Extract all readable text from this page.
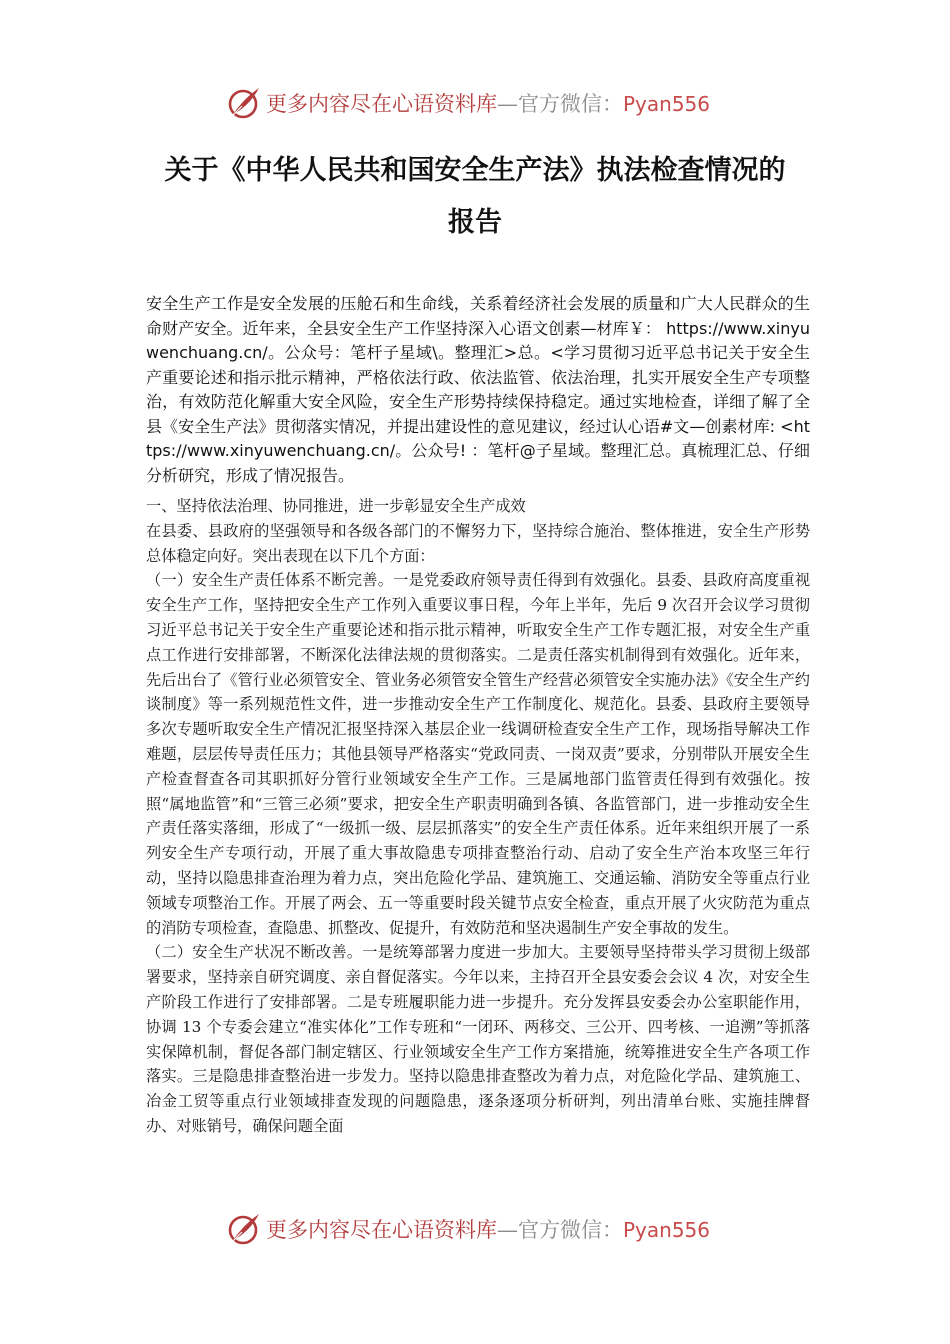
更多内容尽在心语资料库—官方微信：Pyan556
关于《中华人民共和国安全生产法》执法检查情况的
报告

安全生产工作是安全发展的压舱石和生命线，关系着经济社会发展的质量和广大人民群众的生命财产安全。近年来，全县安全生产工作坚持深入心语文创素—材库￥： https://www.xinyuwenchuang.cn/。公众号：笔杆子星域\。整理汇>总。<学习贯彻习近平总书记关于安全生产重要论述和指示批示精神，严格依法行政、依法监管、依法治理，扎实开展安全生产专项整治，有效防范化解重大安全风险，安全生产形势持续保持稳定。通过实地检查，详细了解了全县《安全生产法》贯彻落实情况，并提出建设性的意见建议，经过认心语#文—创素材库: <https://www.xinyuwenchuang.cn/。公众号! ：笔杆@子星域。整理汇总。真梳理汇总、仔细分析研究，形成了情况报告。

一、坚持依法治理、协同推进，进一步彰显安全生产成效

在县委、县政府的坚强领导和各级各部门的不懈努力下，坚持综合施治、整体推进，安全生产形势总体稳定向好。突出表现在以下几个方面：

（一）安全生产责任体系不断完善。一是党委政府领导责任得到有效强化。县委、县政府高度重视安全生产工作，坚持把安全生产工作列入重要议事日程，今年上半年，先后 9 次召开会议学习贯彻习近平总书记关于安全生产重要论述和指示批示精神，听取安全生产工作专题汇报，对安全生产重点工作进行安排部署，不断深化法律法规的贯彻落实。二是责任落实机制得到有效强化。近年来，先后出台了《管行业必须管安全、管业务必须管安全管生产经营必须管安全实施办法》《安全生产约谈制度》等一系列规范性文件，进一步推动安全生产工作制度化、规范化。县委、县政府主要领导多次专题听取安全生产情况汇报坚持深入基层企业一线调研检查安全生产工作，现场指导解决工作难题，层层传导责任压力；其他县领导严格落实“党政同责、一岗双责”要求，分别带队开展安全生产检查督查各司其职抓好分管行业领域安全生产工作。三是属地部门监管责任得到有效强化。按照“属地监管”和“三管三必须”要求，把安全生产职责明确到各镇、各监管部门，进一步推动安全生产责任落实落细，形成了“一级抓一级、层层抓落实”的安全生产责任体系。近年来组织开展了一系列安全生产专项行动，开展了重大事故隐患专项排查整治行动、启动了安全生产治本攻坚三年行动，坚持以隐患排查治理为着力点，突出危险化学品、建筑施工、交通运输、消防安全等重点行业领域专项整治工作。开展了两会、五一等重要时段关键节点安全检查，重点开展了火灾防范为重点的消防专项检查，查隐患、抓整改、促提升，有效防范和坚决遏制生产安全事故的发生。

（二）安全生产状况不断改善。一是统筹部署力度进一步加大。主要领导坚持带头学习贯彻上级部署要求，坚持亲自研究调度、亲自督促落实。今年以来，主持召开全县安委会会议 4 次，对安全生产阶段工作进行了安排部署。二是专班履职能力进一步提升。充分发挥县安委会办公室职能作用，协调 13 个专委会建立“准实体化”工作专班和“一闭环、两移交、三公开、四考核、一追溯”等抓落实保障机制，督促各部门制定辖区、行业领域安全生产工作方案措施，统筹推进安全生产各项工作落实。三是隐患排查整治进一步发力。坚持以隐患排查整改为着力点，对危险化学品、建筑施工、冶金工贸等重点行业领域排查发现的问题隐患，逐条逐项分析研判，列出清单台账、实施挂牌督办、对账销号，确保问题全面

更多内容尽在心语资料库—官方微信：Pyan556
